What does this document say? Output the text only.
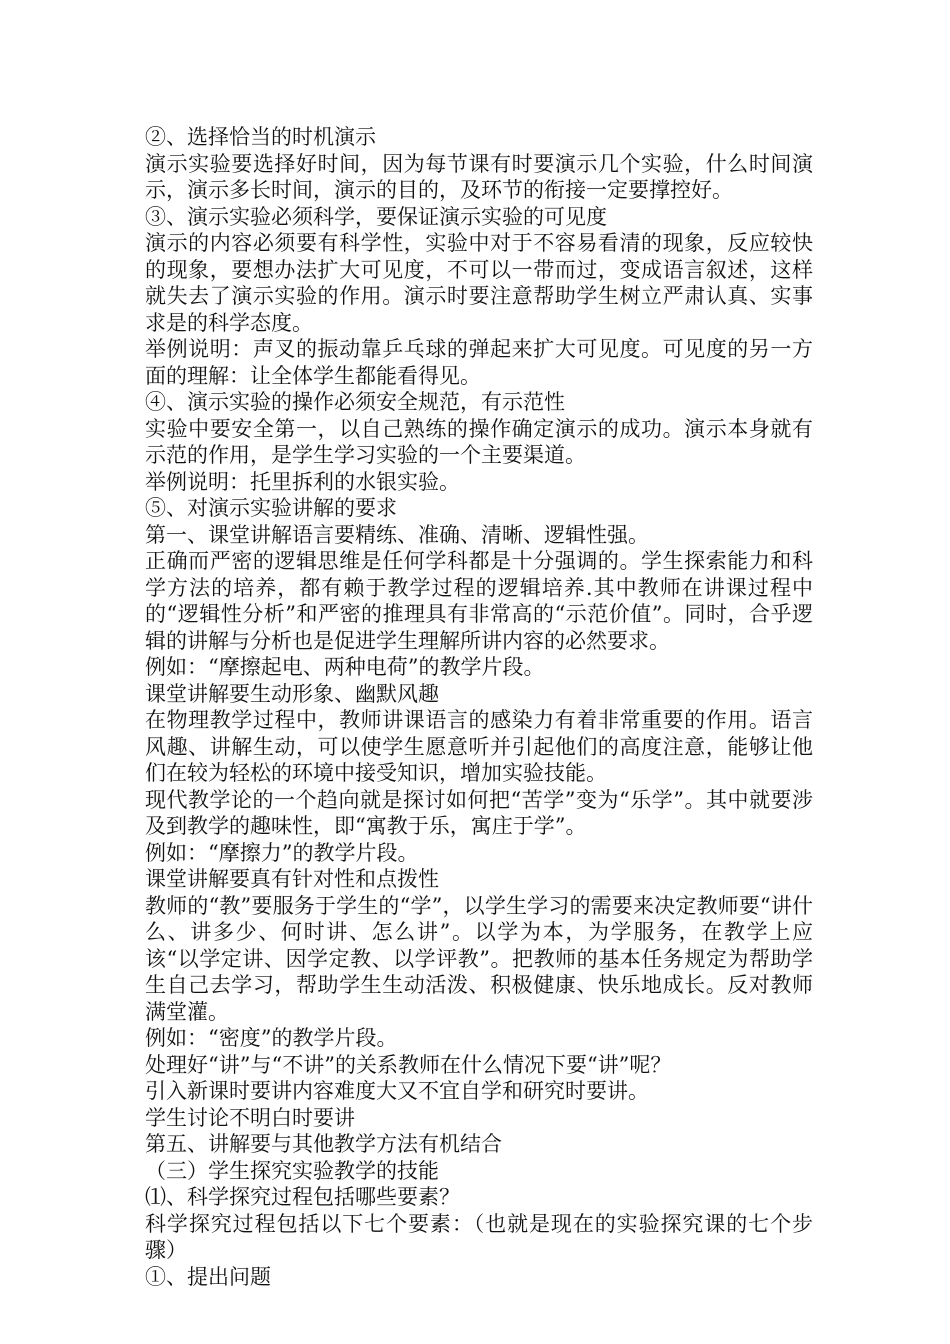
②、选择恰当的时机演示

演示实验要选择好时间，因为每节课有时要演示几个实验，什么时间演示，演示多长时间，演示的目的，及环节的衔接一定要撑控好。

③、演示实验必须科学，要保证演示实验的可见度

演示的内容必须要有科学性，实验中对于不容易看清的现象，反应较快的现象，要想办法扩大可见度，不可以一带而过，变成语言叙述，这样就失去了演示实验的作用。演示时要注意帮助学生树立严肃认真、实事求是的科学态度。

举例说明：声叉的振动靠乒乓球的弹起来扩大可见度。可见度的另一方面的理解：让全体学生都能看得见。

④、演示实验的操作必须安全规范，有示范性

实验中要安全第一，以自己熟练的操作确定演示的成功。演示本身就有示范的作用，是学生学习实验的一个主要渠道。

举例说明：托里拆利的水银实验。

⑤、对演示实验讲解的要求

第一、课堂讲解语言要精练、准确、清晰、逻辑性强。

正确而严密的逻辑思维是任何学科都是十分强调的。学生探索能力和科学方法的培养，都有赖于教学过程的逻辑培养.其中教师在讲课过程中的“逻辑性分析”和严密的推理具有非常高的“示范价值”。同时，合乎逻辑的讲解与分析也是促进学生理解所讲内容的必然要求。

例如：“摩擦起电、两种电荷”的教学片段。

课堂讲解要生动形象、幽默风趣

在物理教学过程中，教师讲课语言的感染力有着非常重要的作用。语言风趣、讲解生动，可以使学生愿意听并引起他们的高度注意，能够让他们在较为轻松的环境中接受知识，增加实验技能。

现代教学论的一个趋向就是探讨如何把“苦学”变为“乐学”。其中就要涉及到教学的趣味性，即“寓教于乐，寓庄于学”。

例如：“摩擦力”的教学片段。

课堂讲解要真有针对性和点拨性

教师的“教”要服务于学生的“学”，以学生学习的需要来决定教师要“讲什么、讲多少、何时讲、怎么讲”。以学为本，为学服务，在教学上应该“以学定讲、因学定教、以学评教”。把教师的基本任务规定为帮助学生自己去学习，帮助学生生动活泼、积极健康、快乐地成长。反对教师满堂灌。

例如：“密度”的教学片段。

处理好“讲”与“不讲”的关系教师在什么情况下要“讲”呢？

引入新课时要讲内容难度大又不宜自学和研究时要讲。

学生讨论不明白时要讲

第五、讲解要与其他教学方法有机结合

（三）学生探究实验教学的技能

⑴、科学探究过程包括哪些要素？

科学探究过程包括以下七个要素：（也就是现在的实验探究课的七个步骤）

①、提出问题
